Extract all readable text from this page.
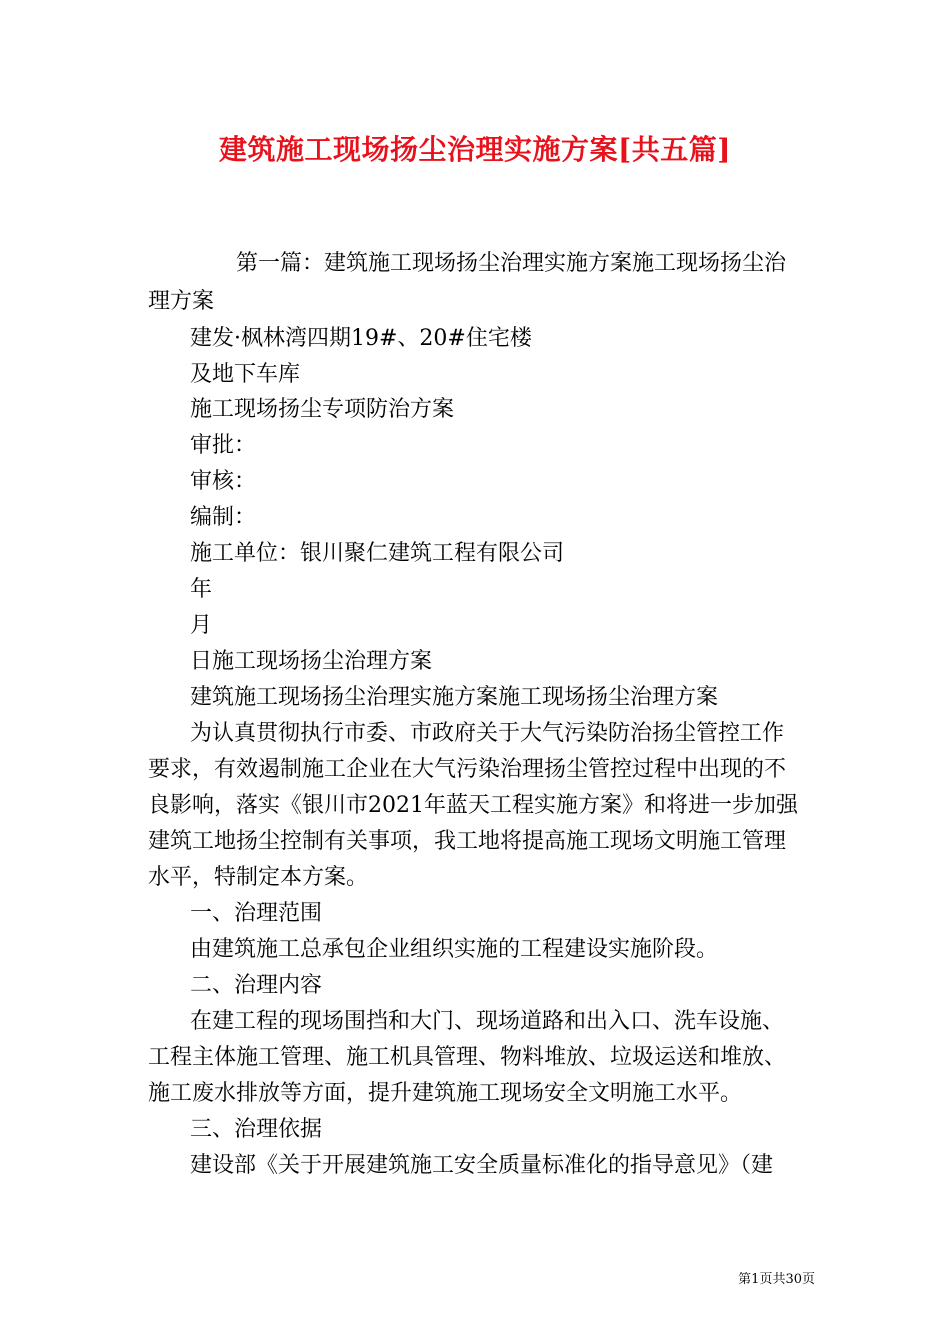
建筑施工现场扬尘治理实施方案[共五篇]
第一篇：建筑施工现场扬尘治理实施方案施工现场扬尘治
理方案
建发·枫林湾四期19#、20#住宅楼
及地下车库
施工现场扬尘专项防治方案
审批：
审核：
编制：
施工单位：银川聚仁建筑工程有限公司
年
月
日施工现场扬尘治理方案
建筑施工现场扬尘治理实施方案施工现场扬尘治理方案
为认真贯彻执行市委、市政府关于大气污染防治扬尘管控工作
要求，有效遏制施工企业在大气污染治理扬尘管控过程中出现的不
良影响，落实《银川市2021年蓝天工程实施方案》和将进一步加强
建筑工地扬尘控制有关事项，我工地将提高施工现场文明施工管理
水平，特制定本方案。
一、治理范围
由建筑施工总承包企业组织实施的工程建设实施阶段。
二、治理内容
在建工程的现场围挡和大门、现场道路和出入口、洗车设施、
工程主体施工管理、施工机具管理、物料堆放、垃圾运送和堆放、
施工废水排放等方面，提升建筑施工现场安全文明施工水平。
三、治理依据
建设部《关于开展建筑施工安全质量标准化的指导意见》（建
第1页共30页
